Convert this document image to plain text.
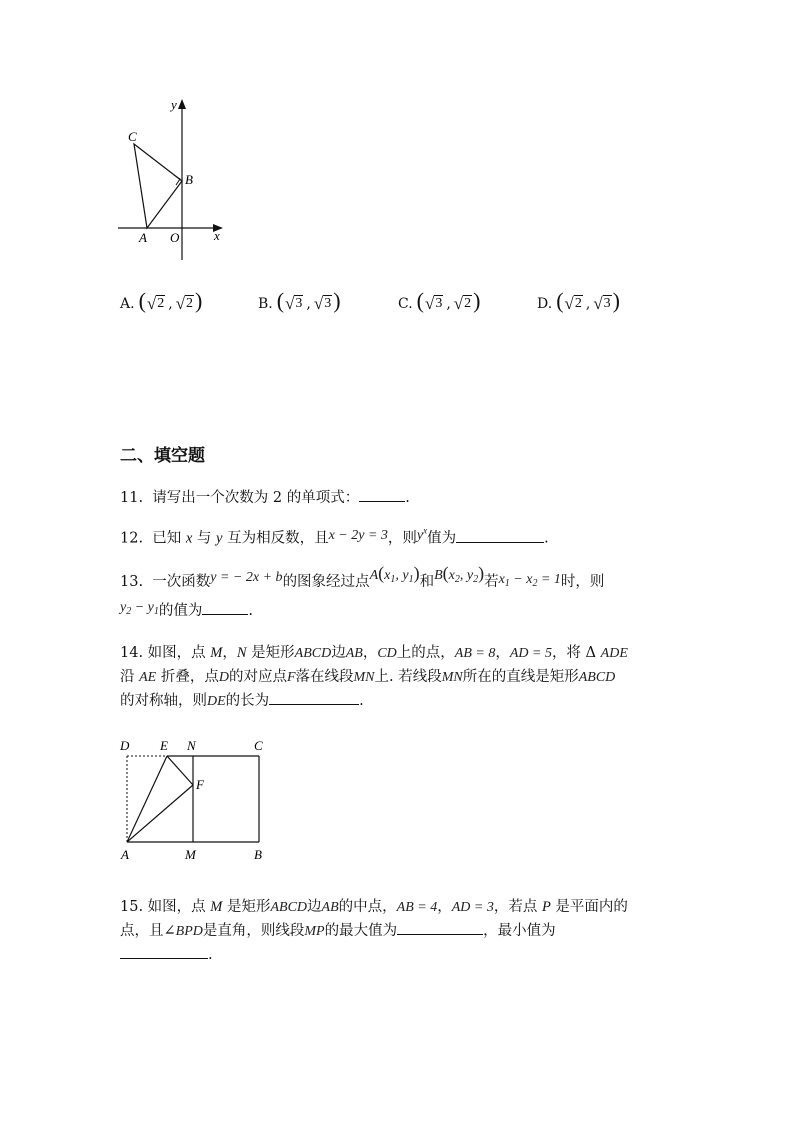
y
C
B
A O	x
A. ( √ 2 , √ 2 )	B. ( √ 3 , √ 3 )	C. ( √ 3 , √ 2 )	D. ( √ 2 , √ 3 )
二、填空题
11. 请写出一个次数为 2 的单项式：	.
12. 已知 x 与 y 互为相反数，且x − 2y = 3，则$y^x$值为	.
13. 一次函数y = − 2x + b的图象经过点$A(x_1$, $y_1$)和$B(x_2$, $y_2$)若$x_1 - x_2 = 1$时，则
$y_2 - y_1$的值为	.
14. 如图，点 M，N 是矩形ABCD边AB，CD上的点，AB = 8，AD = 5，将 Δ ADE
沿 AE 折叠，点D的对应点F落在线段MN上. 若线段MN所在的直线是矩形ABCD
的对称轴，则DE的长为	.
D E N	C
F
A	M	B
15. 如图，点 M 是矩形ABCD边AB的中点，AB = 4，AD = 3，若点 P 是平面内的
点，且∠BPD是直角，则线段MP的最大值为	，最小值为
.
